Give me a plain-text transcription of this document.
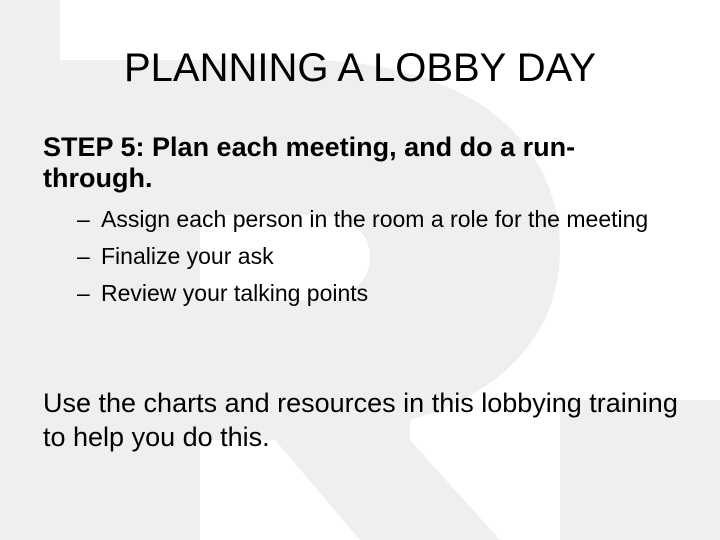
PLANNING A LOBBY DAY
STEP 5: Plan each meeting, and do a run-through.
– Assign each person in the room a role for the meeting
– Finalize your ask
– Review your talking points
Use the charts and resources in this lobbying training to help you do this.
